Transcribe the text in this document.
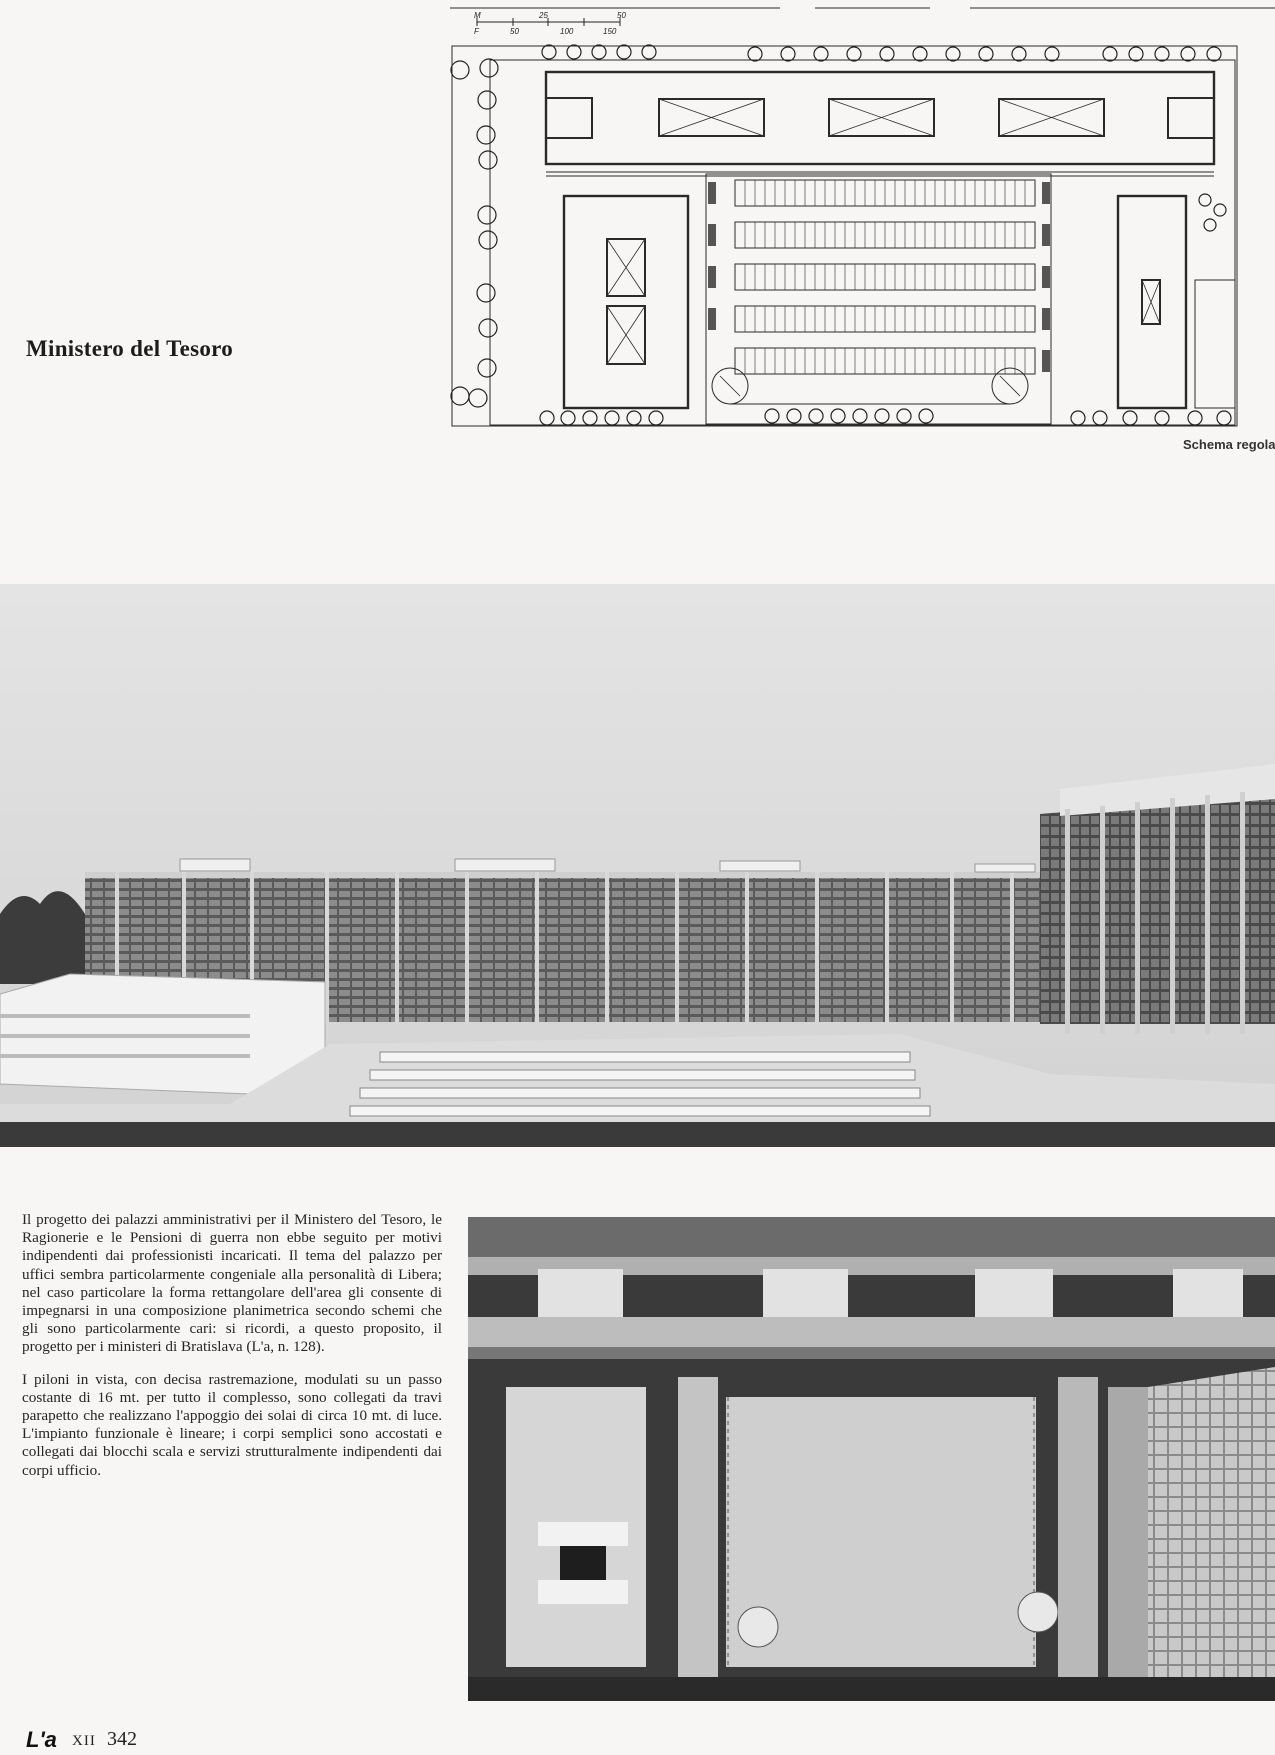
Ministero del Tesoro
M	25	50
F	50	100	150
Schema regola

Il progetto dei palazzi amministrativi per il Ministero del Tesoro, le Ragionerie e le Pensioni di guerra non ebbe seguito per motivi indipendenti dai professionisti incaricati. Il tema del palazzo per uffici sembra particolarmente congeniale alla personalità di Libera; nel caso particolare la forma rettangolare dell'area gli consente di impegnarsi in una composizione planimetrica secondo schemi che gli sono particolarmente cari: si ricordi, a questo proposito, il progetto per i ministeri di Bratislava (L'a, n. 128).

I piloni in vista, con decisa rastremazione, modulati su un passo costante di 16 mt. per tutto il complesso, sono collegati da travi parapetto che realizzano l'appoggio dei solai di circa 10 mt. di luce. L'impianto funzionale è lineare; i corpi semplici sono accostati e collegati dai blocchi scala e servizi strutturalmente indipendenti dai corpi ufficio.

L'a XII 342
